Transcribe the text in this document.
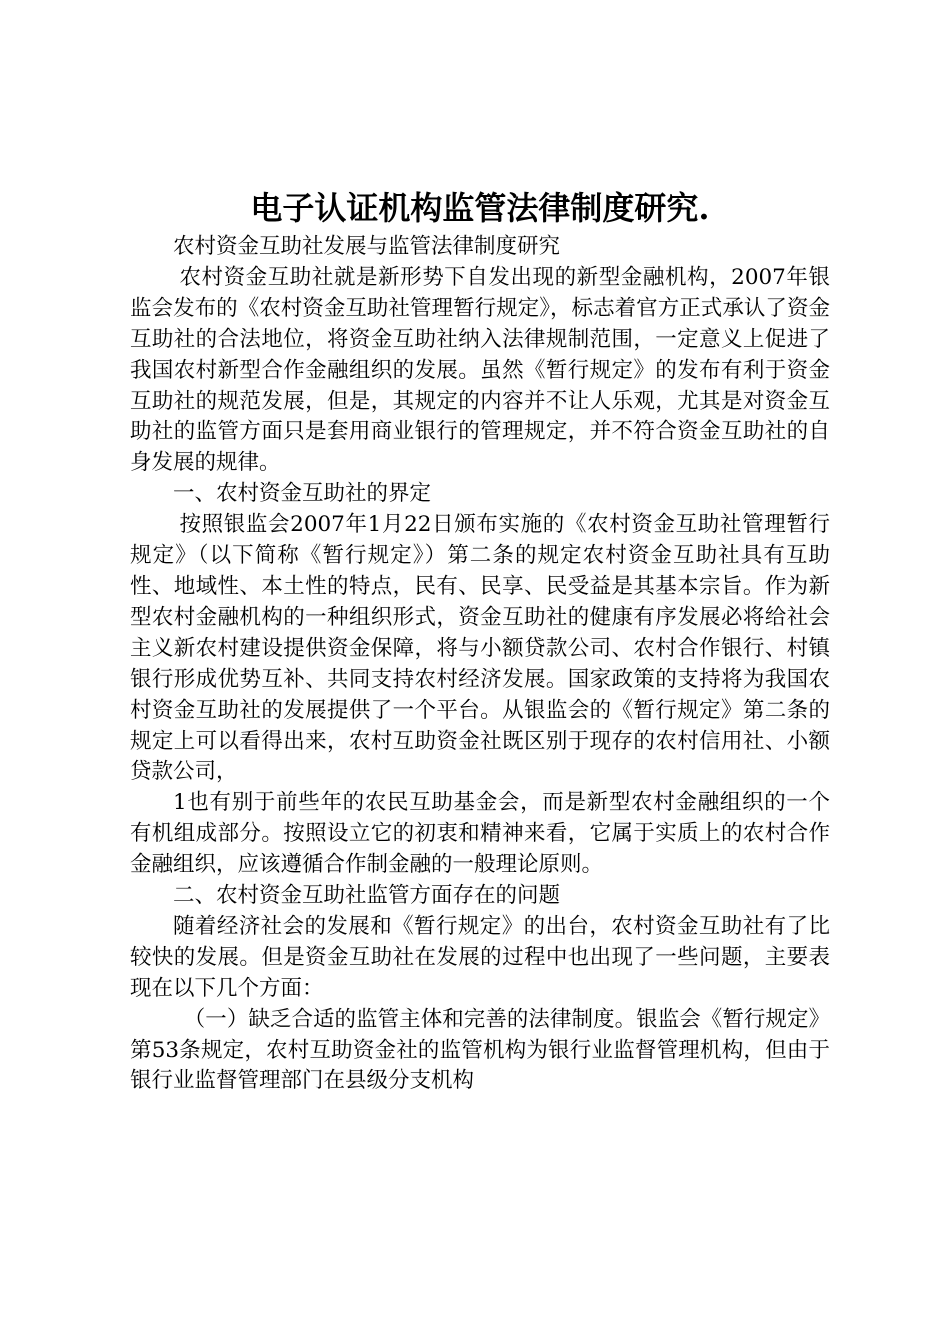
电子认证机构监管法律制度研究.

农村资金互助社发展与监管法律制度研究

农村资金互助社就是新形势下自发出现的新型金融机构，2007年银监会发布的《农村资金互助社管理暂行规定》，标志着官方正式承认了资金互助社的合法地位，将资金互助社纳入法律规制范围，一定意义上促进了我国农村新型合作金融组织的发展。虽然《暂行规定》的发布有利于资金互助社的规范发展，但是，其规定的内容并不让人乐观，尤其是对资金互助社的监管方面只是套用商业银行的管理规定，并不符合资金互助社的自身发展的规律。

一、农村资金互助社的界定

按照银监会2007年1月22日颁布实施的《农村资金互助社管理暂行规定》（以下简称《暂行规定》）第二条的规定农村资金互助社具有互助性、地域性、本土性的特点，民有、民享、民受益是其基本宗旨。作为新型农村金融机构的一种组织形式，资金互助社的健康有序发展必将给社会主义新农村建设提供资金保障，将与小额贷款公司、农村合作银行、村镇银行形成优势互补、共同支持农村经济发展。国家政策的支持将为我国农村资金互助社的发展提供了一个平台。从银监会的《暂行规定》第二条的规定上可以看得出来，农村互助资金社既区别于现存的农村信用社、小额贷款公司，

1也有别于前些年的农民互助基金会，而是新型农村金融组织的一个有机组成部分。按照设立它的初衷和精神来看，它属于实质上的农村合作金融组织，应该遵循合作制金融的一般理论原则。

二、农村资金互助社监管方面存在的问题

随着经济社会的发展和《暂行规定》的出台，农村资金互助社有了比较快的发展。但是资金互助社在发展的过程中也出现了一些问题，主要表现在以下几个方面：

（一）缺乏合适的监管主体和完善的法律制度。银监会《暂行规定》第53条规定，农村互助资金社的监管机构为银行业监督管理机构，但由于银行业监督管理部门在县级分支机构
